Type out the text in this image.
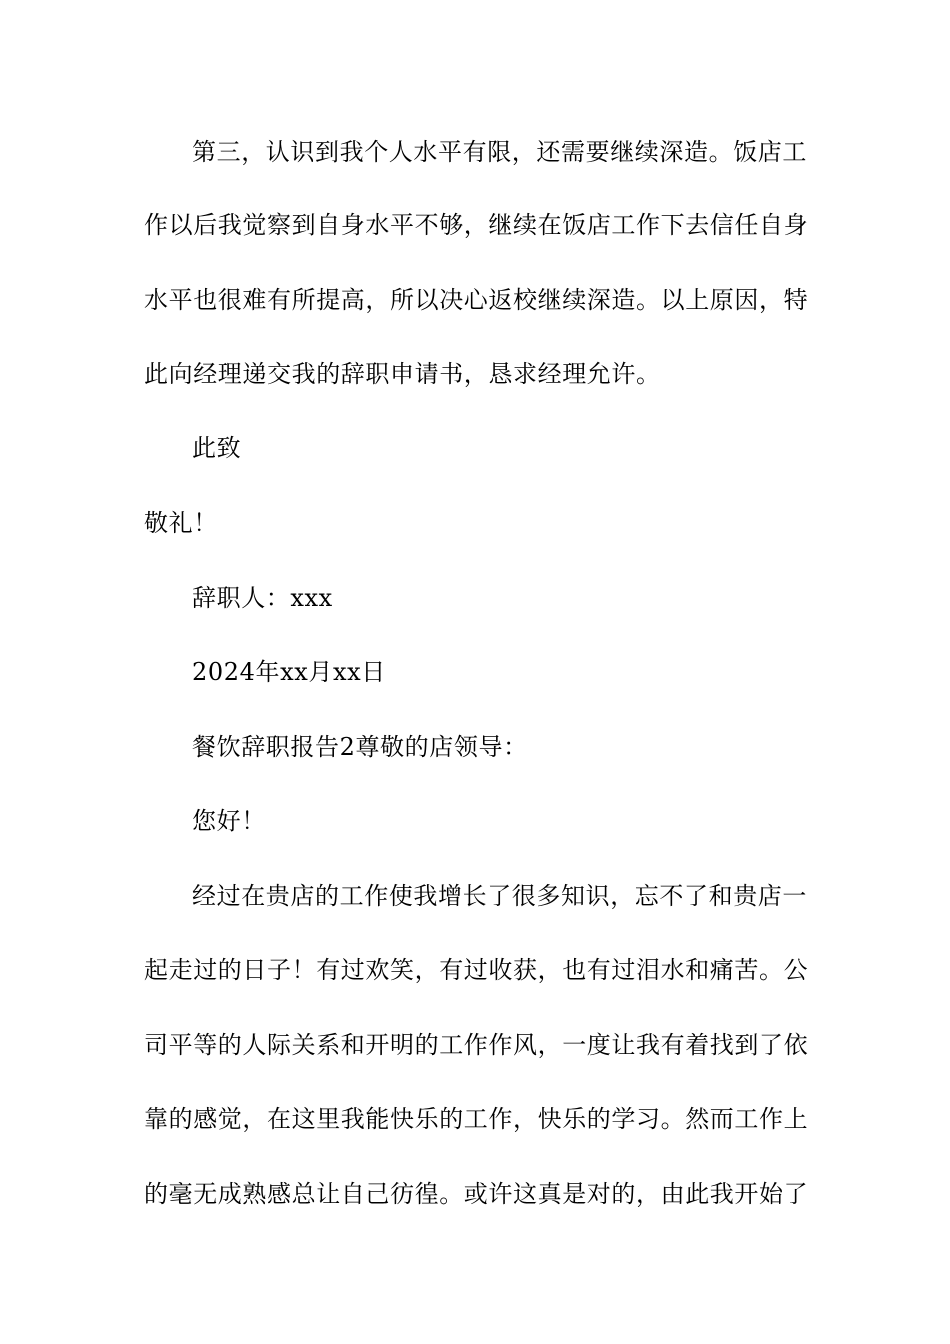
第三，认识到我个人水平有限，还需要继续深造。饭店工
作以后我觉察到自身水平不够，继续在饭店工作下去信任自身
水平也很难有所提高，所以决心返校继续深造。以上原因，特
此向经理递交我的辞职申请书，恳求经理允许。
此致
敬礼！
辞职人：xxx
2024年xx月xx日
餐饮辞职报告2尊敬的店领导：
您好！
经过在贵店的工作使我增长了很多知识，忘不了和贵店一
起走过的日子！有过欢笑，有过收获，也有过泪水和痛苦。公
司平等的人际关系和开明的工作作风，一度让我有着找到了依
靠的感觉，在这里我能快乐的工作，快乐的学习。然而工作上
的毫无成熟感总让自己彷徨。或许这真是对的，由此我开始了
